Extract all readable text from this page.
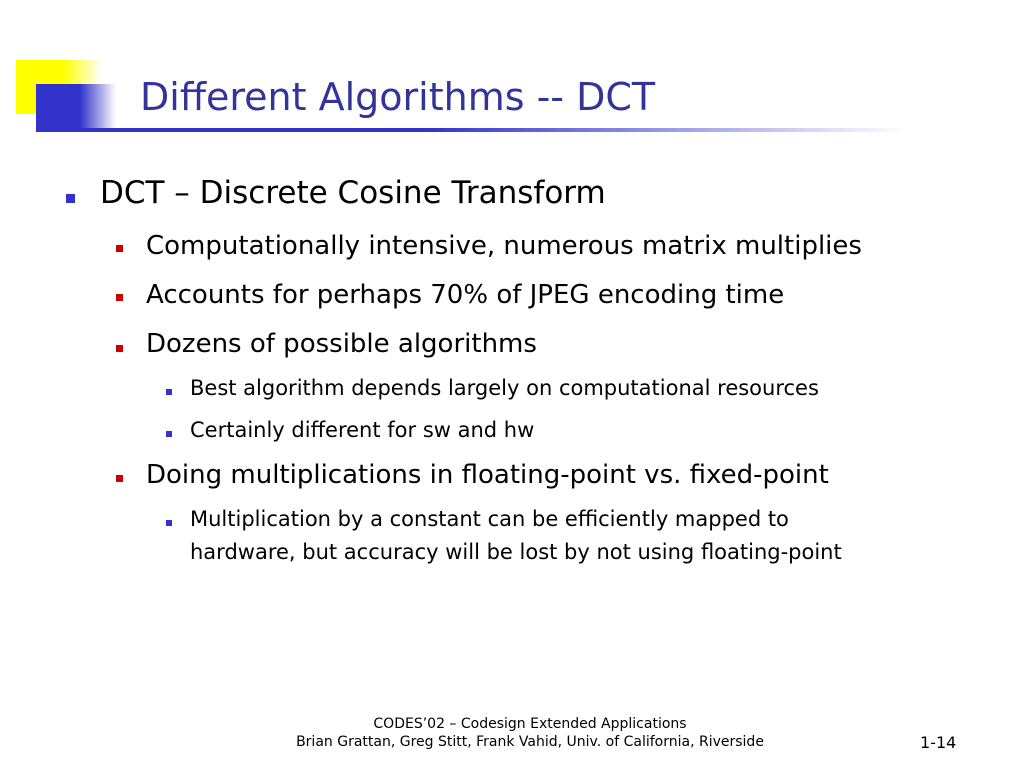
Different Algorithms -- DCT
DCT – Discrete Cosine Transform
Computationally intensive, numerous matrix multiplies
Accounts for perhaps 70% of JPEG encoding time
Dozens of possible algorithms
Best algorithm depends largely on computational resources
Certainly different for sw and hw
Doing multiplications in floating-point vs. fixed-point
Multiplication by a constant can be efficiently mapped to
hardware, but accuracy will be lost by not using floating-point
CODES’02 – Codesign Extended Applications
Brian Grattan, Greg Stitt, Frank Vahid, Univ. of California, Riverside	1-14
